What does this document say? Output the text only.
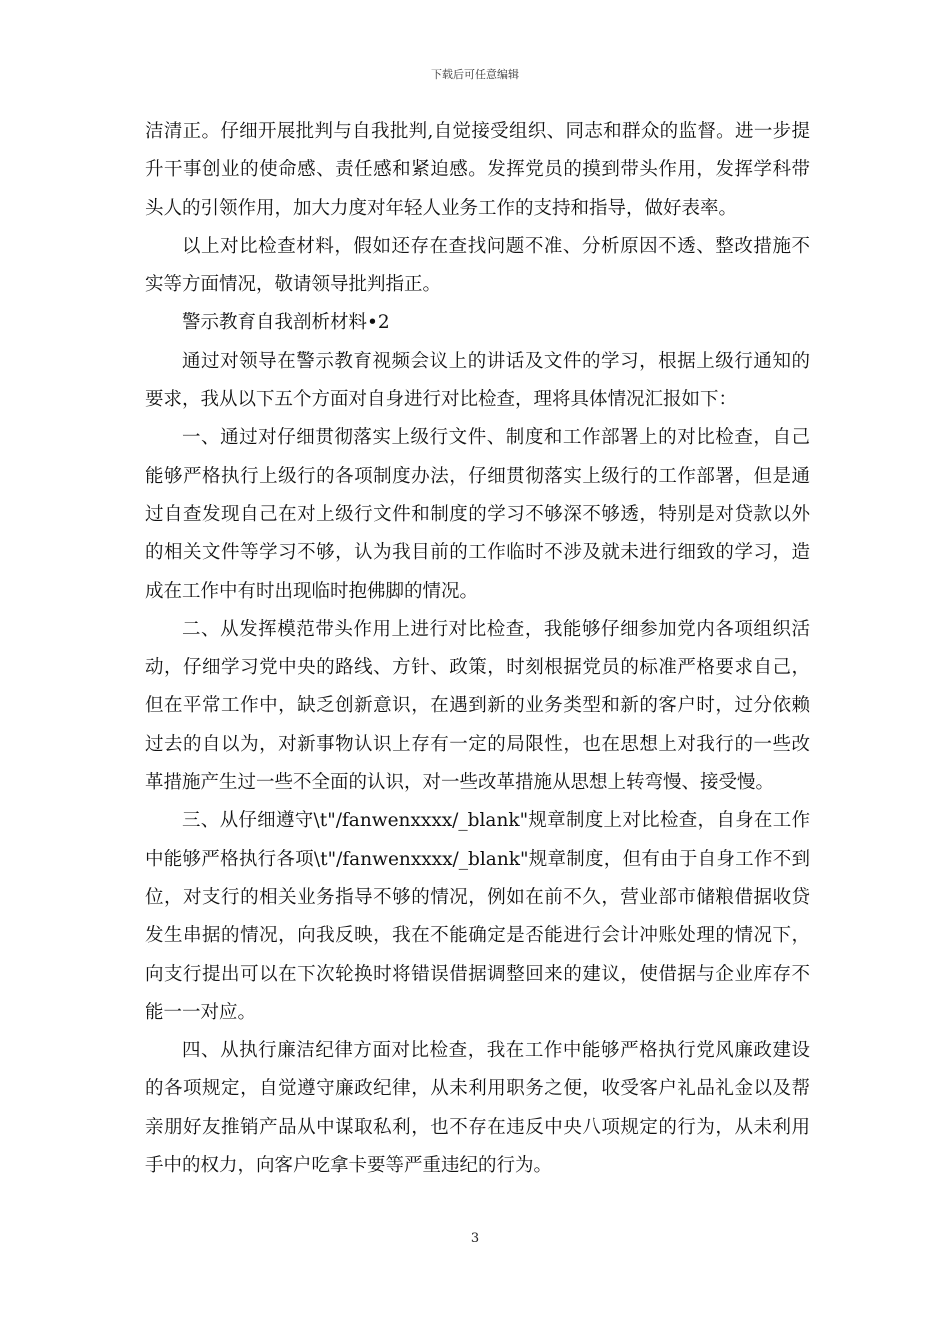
下载后可任意编辑

洁清正。仔细开展批判与自我批判,自觉接受组织、同志和群众的监督。进一步提升干事创业的使命感、责任感和紧迫感。发挥党员的摸到带头作用，发挥学科带头人的引领作用，加大力度对年轻人业务工作的支持和指导，做好表率。

以上对比检查材料，假如还存在查找问题不准、分析原因不透、整改措施不实等方面情况，敬请领导批判指正。

警示教育自我剖析材料•2

通过对领导在警示教育视频会议上的讲话及文件的学习，根据上级行通知的要求，我从以下五个方面对自身进行对比检查，理将具体情况汇报如下：

一、通过对仔细贯彻落实上级行文件、制度和工作部署上的对比检查，自己能够严格执行上级行的各项制度办法，仔细贯彻落实上级行的工作部署，但是通过自查发现自己在对上级行文件和制度的学习不够深不够透，特别是对贷款以外的相关文件等学习不够，认为我目前的工作临时不涉及就未进行细致的学习，造成在工作中有时出现临时抱佛脚的情况。

二、从发挥模范带头作用上进行对比检查，我能够仔细参加党内各项组织活动，仔细学习党中央的路线、方针、政策，时刻根据党员的标准严格要求自己，但在平常工作中，缺乏创新意识，在遇到新的业务类型和新的客户时，过分依赖过去的自以为，对新事物认识上存有一定的局限性，也在思想上对我行的一些改革措施产生过一些不全面的认识，对一些改革措施从思想上转弯慢、接受慢。

三、从仔细遵守\t"/fanwenxxxx/_blank"规章制度上对比检查，自身在工作中能够严格执行各项\t"/fanwenxxxx/_blank"规章制度，但有由于自身工作不到位，对支行的相关业务指导不够的情况，例如在前不久，营业部市储粮借据收贷发生串据的情况，向我反映，我在不能确定是否能进行会计冲账处理的情况下，向支行提出可以在下次轮换时将错误借据调整回来的建议，使借据与企业库存不能一一对应。

四、从执行廉洁纪律方面对比检查，我在工作中能够严格执行党风廉政建设的各项规定，自觉遵守廉政纪律，从未利用职务之便，收受客户礼品礼金以及帮亲朋好友推销产品从中谋取私利，也不存在违反中央八项规定的行为，从未利用手中的权力，向客户吃拿卡要等严重违纪的行为。

3
